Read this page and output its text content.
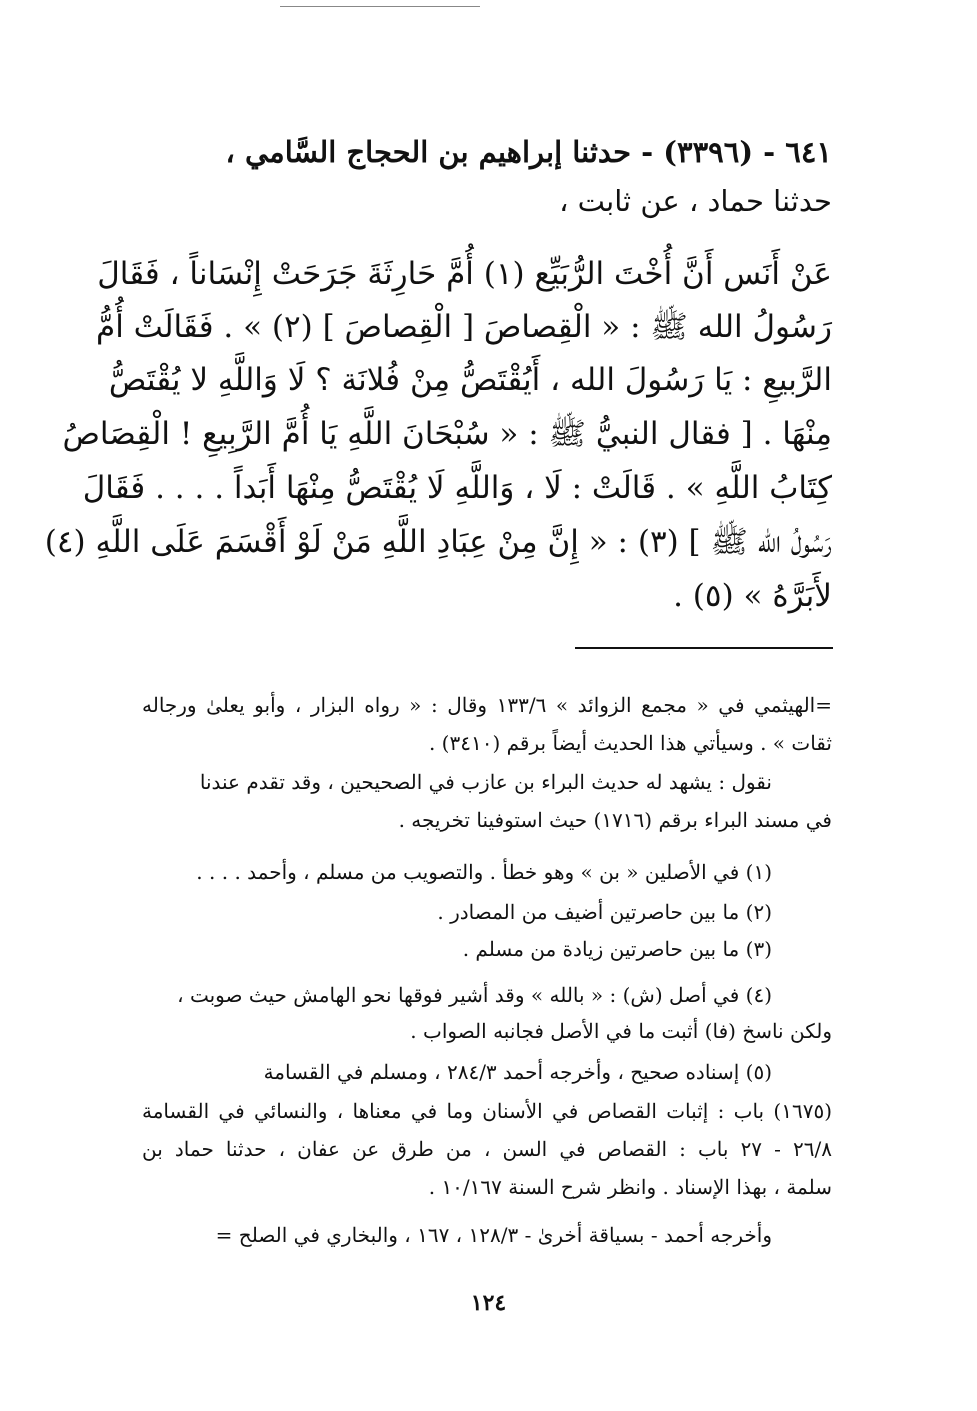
٦٤١ - (٣٣٩٦) - حدثنا إبراهيم بن الحجاج السَّامي ،

حدثنا حماد ، عن ثابت ،

عَنْ أَنَس أَنَّ أُخْتَ الرُّبَيِّع (١) أُمَّ حَارِثَةَ جَرَحَتْ إِنْسَاناً ، فَقَالَ

رَسُولُ الله ﷺ : « الْقِصاصَ [ الْقِصاصَ ] (٢) » . فَقَالَتْ أُمُّ

الرَّبيعِ : يَا رَسُولَ الله ، أَيُقْتَصُّ مِنْ فُلانَة ؟ لَا وَاللَّهِ لا يُقْتَصُّ

مِنْهَا . [ فقال النبيُّ ﷺ : « سُبْحَانَ اللَّهِ يَا أُمَّ الرَّبِيعِ ! الْقِصَاصُ

كِتَابُ اللَّهِ » . قَالَتْ : لَا ، وَاللَّهِ لَا يُقْتَصُّ مِنْهَا أَبَداً . . . . فَقَالَ

رَسُولُ الله ﷺ ] (٣) : « إِنَّ مِنْ عِبَادِ اللَّهِ مَنْ لَوْ أَقْسَمَ عَلَى اللَّهِ (٤)

لأَبَرَّهُ » (٥) .

=الهيثمي في « مجمع الزوائد » ١٣٣/٦ وقال : « رواه البزار ، وأبو يعلىٰ ورجاله

ثقات » . وسيأتي هذا الحديث أيضاً برقم (٣٤١٠) .

نقول : يشهد له حديث البراء بن عازب في الصحيحين ، وقد تقدم عندنا

في مسند البراء برقم (١٧١٦) حيث استوفينا تخريجه .

(١) في الأصلين « بن » وهو خطأ . والتصويب من مسلم ، وأحمد . . . .

(٢) ما بين حاصرتين أضيف من المصادر .

(٣) ما بين حاصرتين زيادة من مسلم .

(٤) في أصل (ش) : « بالله » وقد أشير فوقها نحو الهامش حيث صوبت ،

ولكن ناسخ (فا) أثبت ما في الأصل فجانبه الصواب .

(٥) إسناده صحيح ، وأخرجه أحمد ٢٨٤/٣ ، ومسلم في القسامة

(١٦٧٥) باب : إثبات القصاص في الأسنان وما في معناها ، والنسائي في القسامة

٢٦/٨ - ٢٧ باب : القصاص في السن ، من طرق عن عفان ، حدثنا حماد بن

سلمة ، بهذا الإسناد . وانظر شرح السنة ١٠/١٦٧ .

وأخرجه أحمد - بسياقة أخرىٰ - ١٢٨/٣ ، ١٦٧ ، والبخاري في الصلح =

١٢٤
